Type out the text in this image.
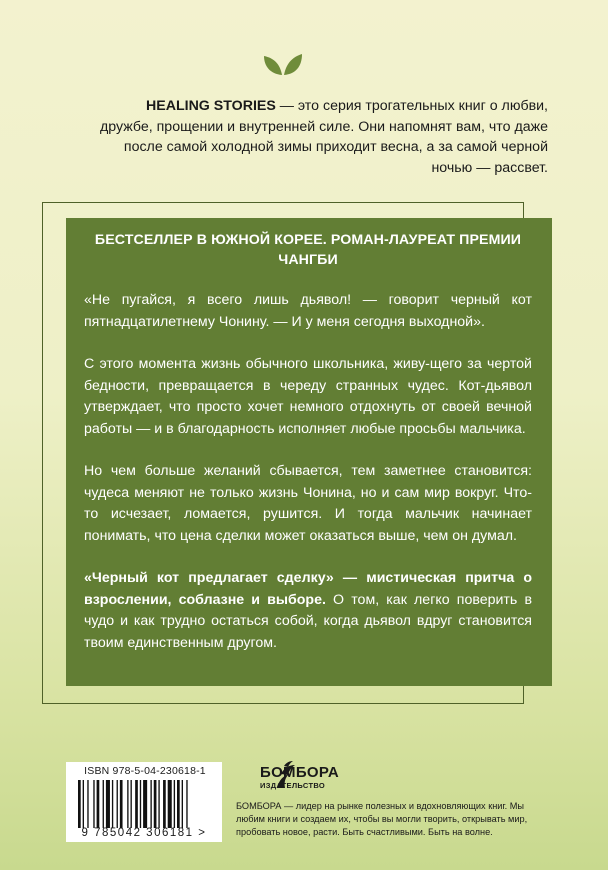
HEALING STORIES — это серия трогательных книг о любви, дружбе, прощении и внутренней силе. Они напомнят вам, что даже после самой холодной зимы приходит весна, а за самой черной ночью — рассвет.
БЕСТСЕЛЛЕР В ЮЖНОЙ КОРЕЕ. РОМАН-ЛАУРЕАТ ПРЕМИИ ЧАНГБИ

«Не пугайся, я всего лишь дьявол! — говорит черный кот пятнадцатилетнему Чонину. — И у меня сегодня выходной».

С этого момента жизнь обычного школьника, живу-щего за чертой бедности, превращается в череду странных чудес. Кот-дьявол утверждает, что просто хочет немного отдохнуть от своей вечной работы — и в благодарность исполняет любые просьбы мальчика.

Но чем больше желаний сбывается, тем заметнее становится: чудеса меняют не только жизнь Чонина, но и сам мир вокруг. Что-то исчезает, ломается, рушится. И тогда мальчик начинает понимать, что цена сделки может оказаться выше, чем он думал.

«Черный кот предлагает сделку» — мистическая притча о взрослении, соблазне и выборе. О том, как легко поверить в чудо и как трудно остаться собой, когда дьявол вдруг становится твоим единственным другом.

ISBN 978-5-04-230618-1
9 785042 306181 >
БОМБОРА
ИЗДАТЕЛЬСТВО
БОМБОРА — лидер на рынке полезных и вдохновляющих книг. Мы любим книги и создаем их, чтобы вы могли творить, открывать мир, пробовать новое, расти. Быть счастливыми. Быть на волне.
